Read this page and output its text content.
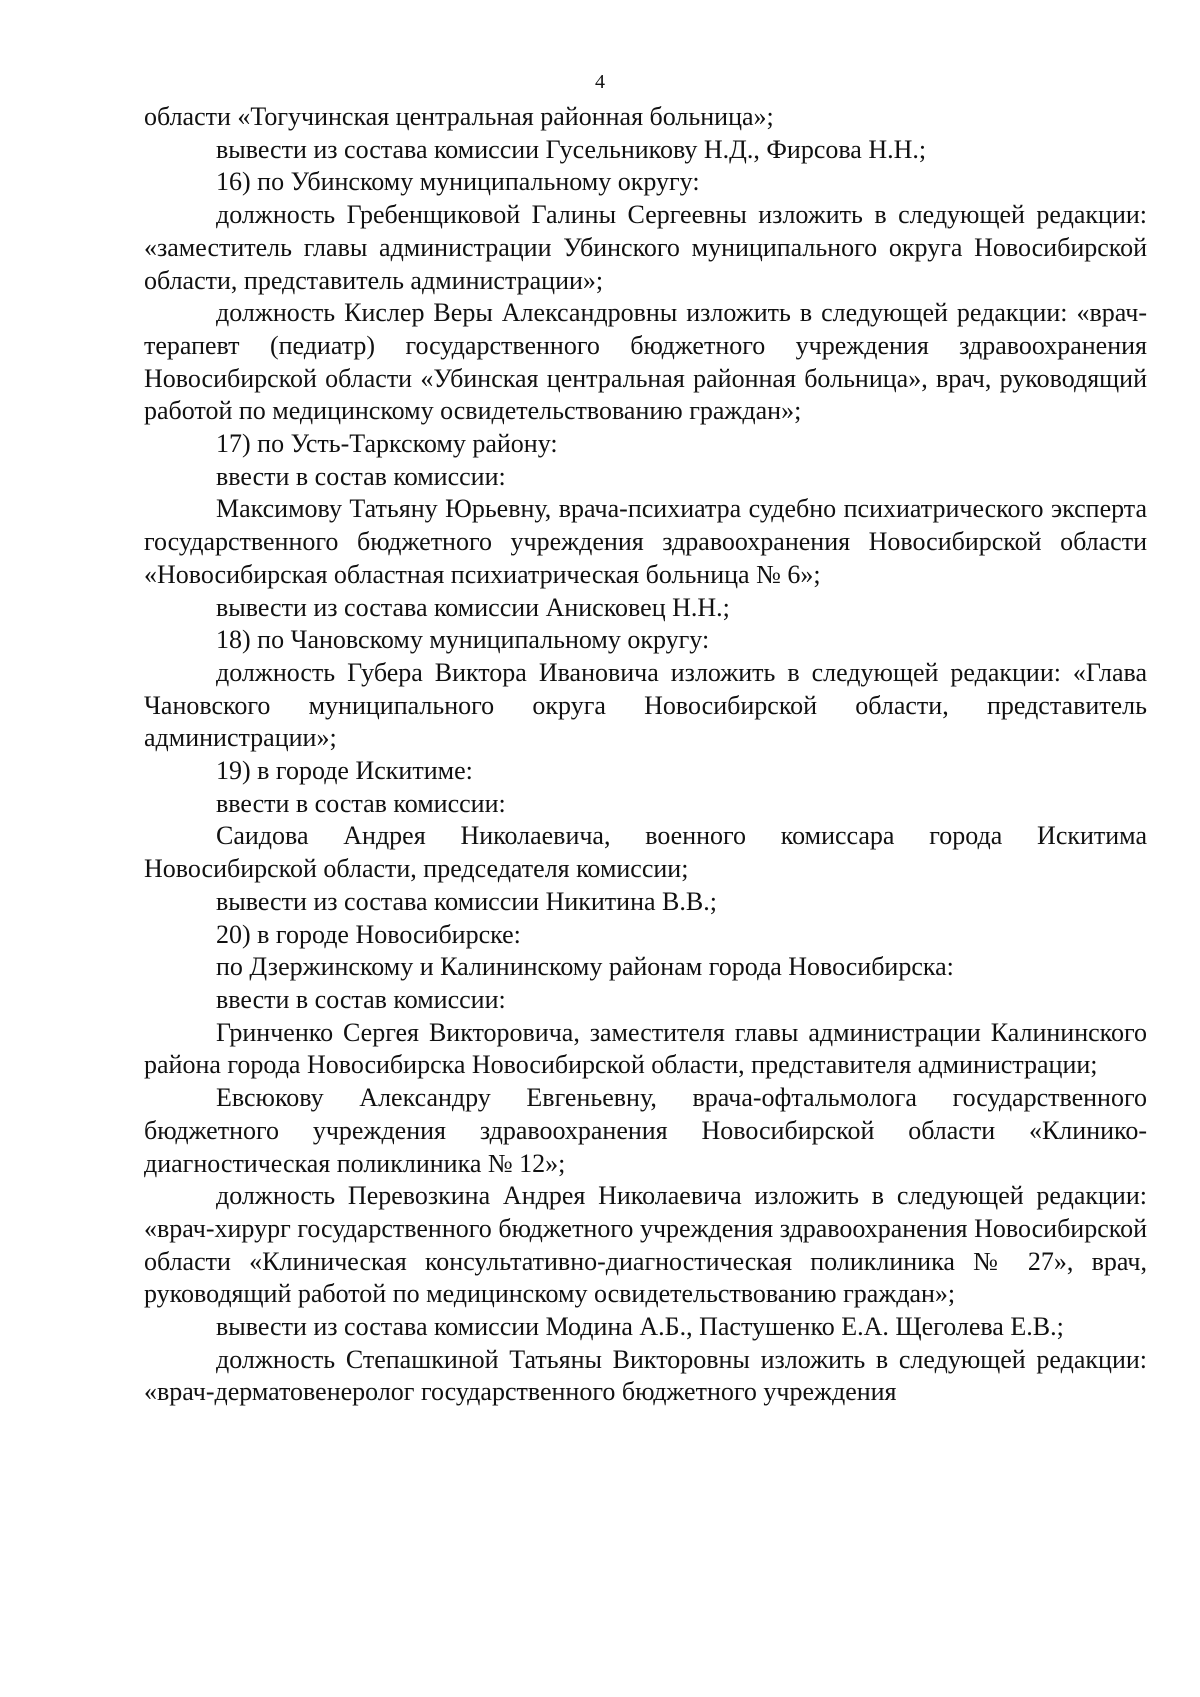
4

области «Тогучинская центральная районная больница»;

вывести из состава комиссии Гусельникову Н.Д., Фирсова Н.Н.;

16) по Убинскому муниципальному округу:

должность Гребенщиковой Галины Сергеевны изложить в следующей редакции: «заместитель главы администрации Убинского муниципального округа Новосибирской области, представитель администрации»;

должность Кислер Веры Александровны изложить в следующей редакции: «врач-терапевт (педиатр) государственного бюджетного учреждения здравоохранения Новосибирской области «Убинская центральная районная больница», врач, руководящий работой по медицинскому освидетельствованию граждан»;

17) по Усть-Таркскому району:

ввести в состав комиссии:

Максимову Татьяну Юрьевну, врача-психиатра судебно психиатрического эксперта государственного бюджетного учреждения здравоохранения Новосибирской области «Новосибирская областная психиатрическая больница № 6»;

вывести из состава комиссии Анисковец Н.Н.;

18) по Чановскому муниципальному округу:

должность Губера Виктора Ивановича изложить в следующей редакции: «Глава Чановского муниципального округа Новосибирской области, представитель администрации»;

19) в городе Искитиме:

ввести в состав комиссии:

Саидова Андрея Николаевича, военного комиссара города Искитима Новосибирской области, председателя комиссии;

вывести из состава комиссии Никитина В.В.;

20) в городе Новосибирске:

по Дзержинскому и Калининскому районам города Новосибирска:

ввести в состав комиссии:

Гринченко Сергея Викторовича, заместителя главы администрации Калининского района города Новосибирска Новосибирской области, представителя администрации;

Евсюкову Александру Евгеньевну, врача-офтальмолога государственного бюджетного учреждения здравоохранения Новосибирской области «Клинико-диагностическая поликлиника № 12»;

должность Перевозкина Андрея Николаевича изложить в следующей редакции: «врач-хирург государственного бюджетного учреждения здравоохранения Новосибирской области «Клиническая консультативно-диагностическая поликлиника № 27», врач, руководящий работой по медицинскому освидетельствованию граждан»;

вывести из состава комиссии Модина А.Б., Пастушенко Е.А. Щеголева Е.В.;

должность Степашкиной Татьяны Викторовны изложить в следующей редакции: «врач-дерматовенеролог государственного бюджетного учреждения
